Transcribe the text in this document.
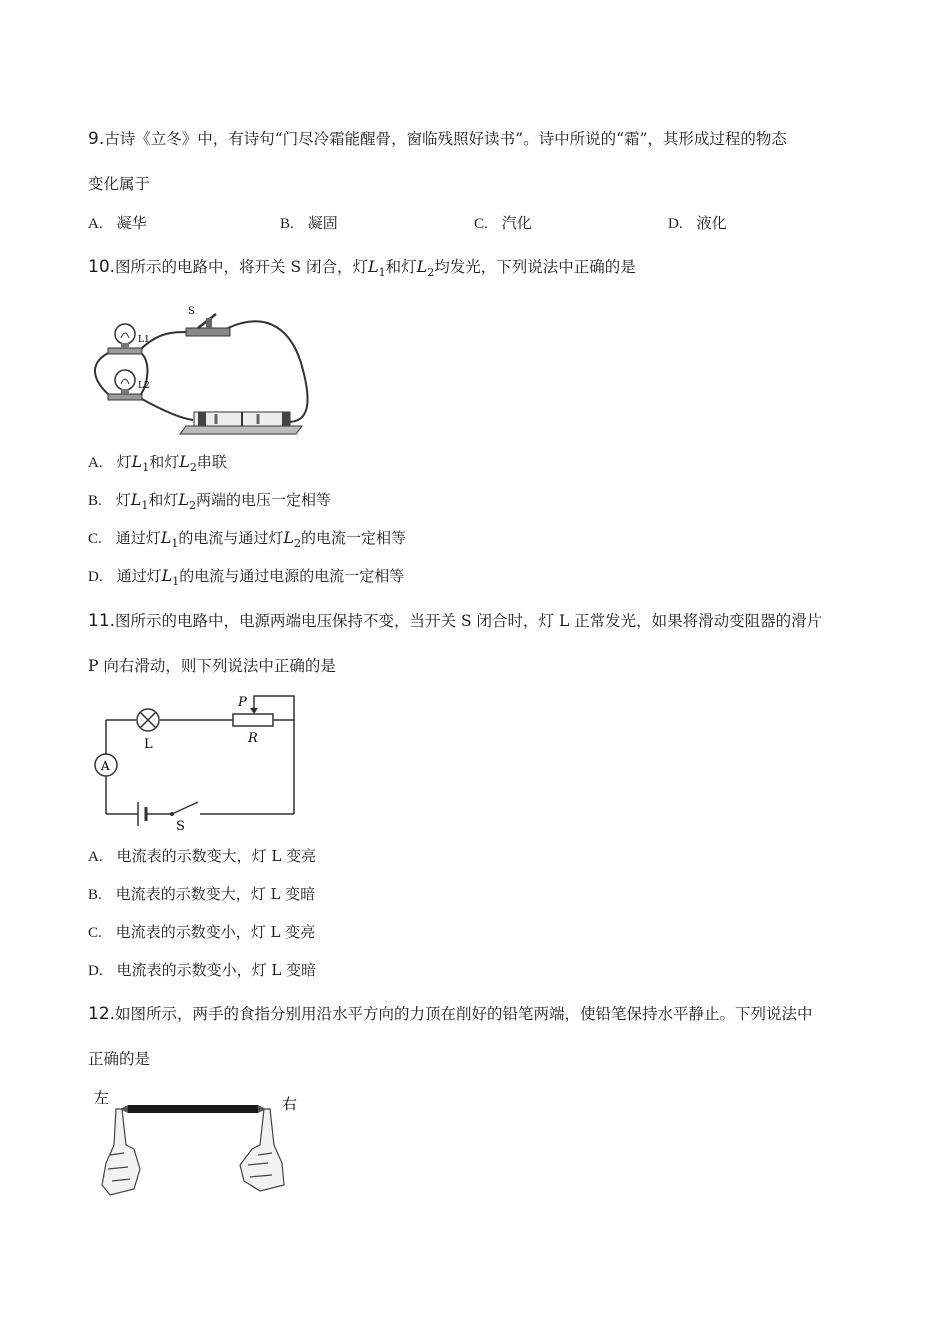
9.古诗《立冬》中，有诗句“门尽冷霜能醒骨，窗临残照好读书”。诗中所说的“霜”，其形成过程的物态
变化属于
A. 凝华	B. 凝固	C. 汽化	D. 液化
10.图所示的电路中，将开关 S 闭合，灯$L_1$和灯$L_2$均发光，下列说法中正确的是
S
L1
L2
A. 灯$L_1$和灯$L_2$串联
B. 灯$L_1$和灯$L_2$两端的电压一定相等
C. 通过灯$L_1$的电流与通过灯$L_2$的电流一定相等
D. 通过灯$L_1$的电流与通过电源的电流一定相等
11.图所示的电路中，电源两端电压保持不变，当开关 S 闭合时，灯 L 正常发光，如果将滑动变阻器的滑片
P 向右滑动，则下列说法中正确的是
L
P
R
A
S
A. 电流表的示数变大，灯 L 变亮
B. 电流表的示数变大，灯 L 变暗
C. 电流表的示数变小，灯 L 变亮
D. 电流表的示数变小，灯 L 变暗
12.如图所示，两手的食指分别用沿水平方向的力顶在削好的铅笔两端，使铅笔保持水平静止。下列说法中
正确的是
左	右
